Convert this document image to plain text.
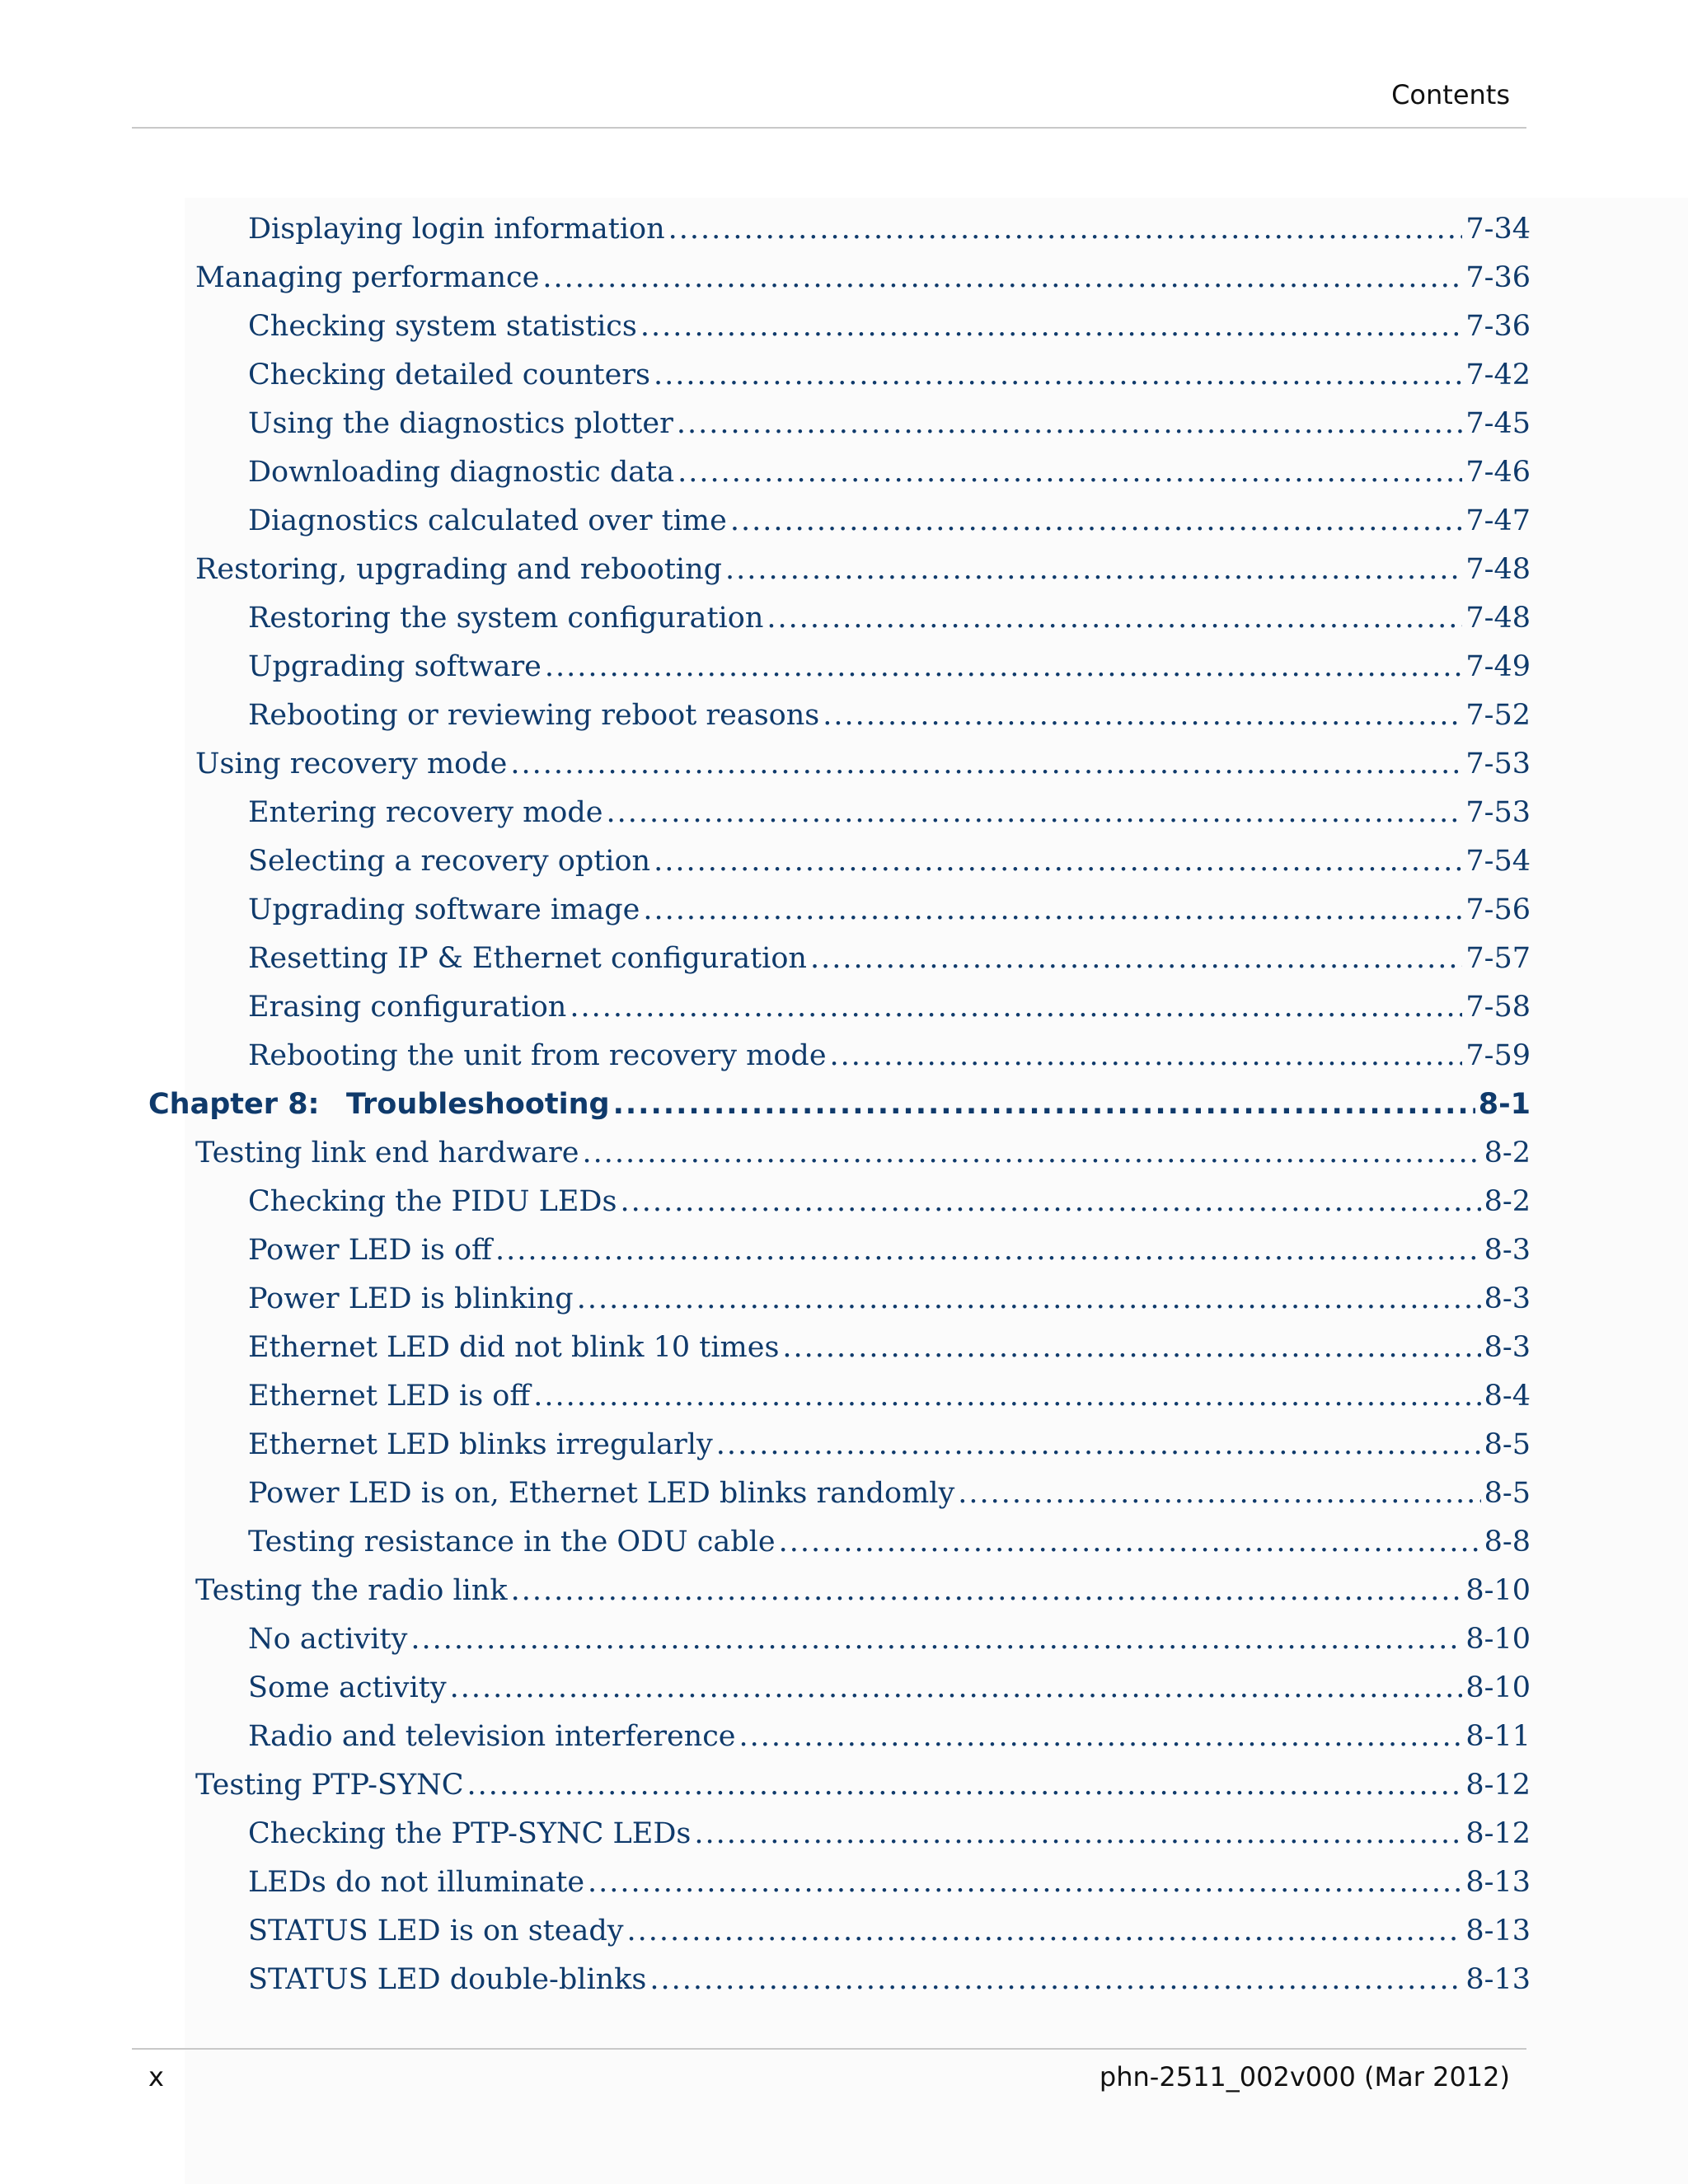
Contents
Displaying login information .....	7-34
Managing performance .....	7-36
Checking system statistics .....	7-36
Checking detailed counters .....	7-42
Using the diagnostics plotter .....	7-45
Downloading diagnostic data .....	7-46
Diagnostics calculated over time .....	7-47
Restoring, upgrading and rebooting .....	7-48
Restoring the system configuration .....	7-48
Upgrading software .....	7-49
Rebooting or reviewing reboot reasons .....	7-52
Using recovery mode .....	7-53
Entering recovery mode .....	7-53
Selecting a recovery option .....	7-54
Upgrading software image .....	7-56
Resetting IP & Ethernet configuration .....	7-57
Erasing configuration .....	7-58
Rebooting the unit from recovery mode .....	7-59
Chapter 8: Troubleshooting .....	8-1
Testing link end hardware .....	8-2
Checking the PIDU LEDs .....	8-2
Power LED is off .....	8-3
Power LED is blinking .....	8-3
Ethernet LED did not blink 10 times .....	8-3
Ethernet LED is off .....	8-4
Ethernet LED blinks irregularly .....	8-5
Power LED is on, Ethernet LED blinks randomly .....	8-5
Testing resistance in the ODU cable .....	8-8
Testing the radio link .....	8-10
No activity .....	8-10
Some activity .....	8-10
Radio and television interference .....	8-11
Testing PTP-SYNC .....	8-12
Checking the PTP-SYNC LEDs .....	8-12
LEDs do not illuminate .....	8-13
STATUS LED is on steady .....	8-13
STATUS LED double-blinks .....	8-13
x	phn-2511_002v000 (Mar 2012)
